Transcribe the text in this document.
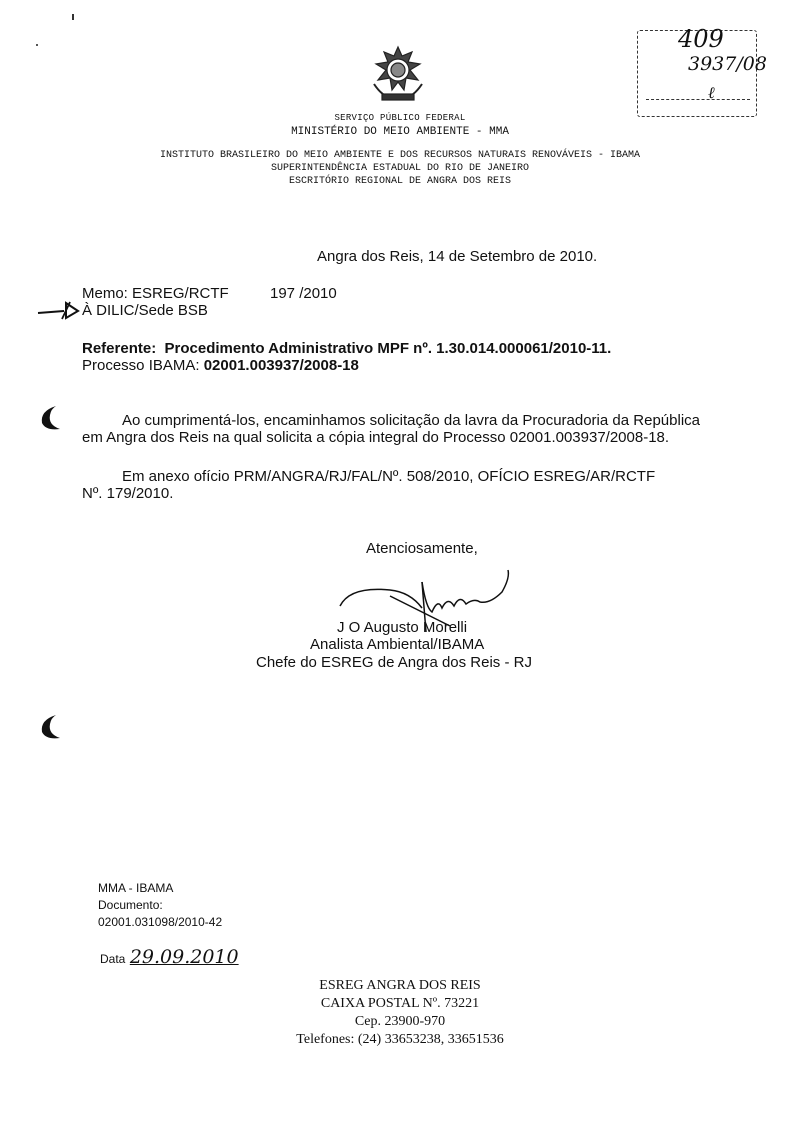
409
3937/08
ℓ
SERVIÇO PÚBLICO FEDERAL
MINISTÉRIO DO MEIO AMBIENTE - MMA
INSTITUTO BRASILEIRO DO MEIO AMBIENTE E DOS RECURSOS NATURAIS RENOVÁVEIS - IBAMA
SUPERINTENDÊNCIA ESTADUAL DO RIO DE JANEIRO
ESCRITÓRIO REGIONAL DE ANGRA DOS REIS
Angra dos Reis, 14 de Setembro de 2010.
Memo: ESREG/RCTF	197 /2010
À DILIC/Sede BSB
Referente: Procedimento Administrativo MPF nº. 1.30.014.000061/2010-11.
Processo IBAMA: 02001.003937/2008-18
Ao cumprimentá-los, encaminhamos solicitação da lavra da Procuradoria da República em Angra dos Reis na qual solicita a cópia integral do Processo 02001.003937/2008-18.
Em anexo ofício PRM/ANGRA/RJ/FAL/Nº. 508/2010, OFÍCIO ESREG/AR/RCTF
Nº. 179/2010.
Atenciosamente,
J O Augusto Morelli
Analista Ambiental/IBAMA
Chefe do ESREG de Angra dos Reis - RJ
MMA - IBAMA
Documento:
02001.031098/2010-42
Data 29.09.2010
ESREG ANGRA DOS REIS
CAIXA POSTAL Nº. 73221
Cep. 23900-970
Telefones: (24) 33653238, 33651536
